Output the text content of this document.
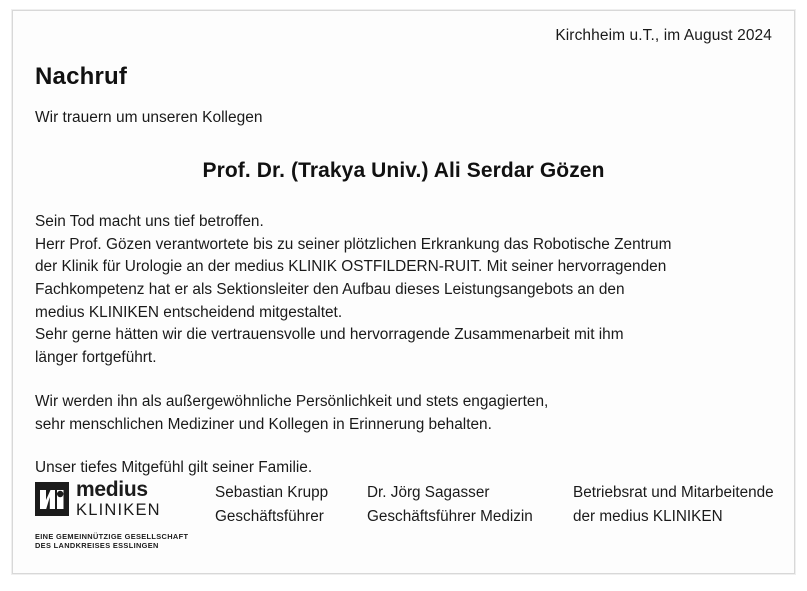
Kirchheim u.T., im August 2024
Nachruf
Wir trauern um unseren Kollegen
Prof. Dr. (Trakya Univ.) Ali Serdar Gözen
Sein Tod macht uns tief betroffen.
Herr Prof. Gözen verantwortete bis zu seiner plötzlichen Erkrankung das Robotische Zentrum
der Klinik für Urologie an der medius KLINIK OSTFILDERN-RUIT. Mit seiner hervorragenden
Fachkompetenz hat er als Sektionsleiter den Aufbau dieses Leistungsangebots an den
medius KLINIKEN entscheidend mitgestaltet.
Sehr gerne hätten wir die vertrauensvolle und hervorragende Zusammenarbeit mit ihm
länger fortgeführt.
Wir werden ihn als außergewöhnliche Persönlichkeit und stets engagierten,
sehr menschlichen Mediziner und Kollegen in Erinnerung behalten.
Unser tiefes Mitgefühl gilt seiner Familie.
medius
KLINIKEN
EINE GEMEINNÜTZIGE GESELLSCHAFT
DES LANDKREISES ESSLINGEN
Sebastian Krupp
Geschäftsführer
Dr. Jörg Sagasser
Geschäftsführer Medizin
Betriebsrat und Mitarbeitende
der medius KLINIKEN
